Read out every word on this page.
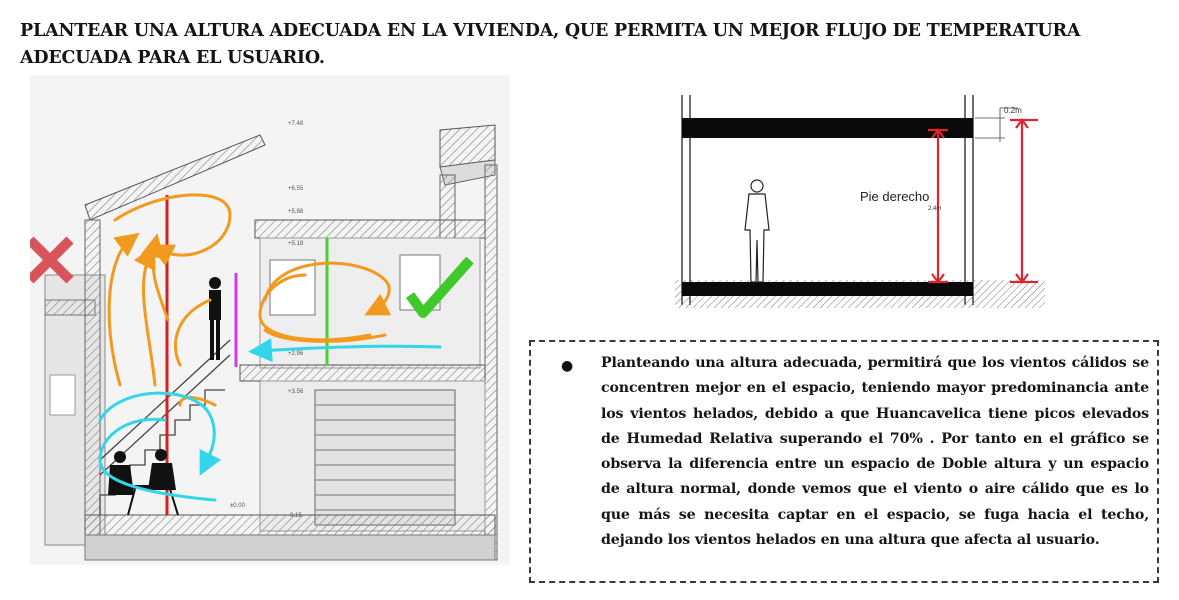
PLANTEAR UNA ALTURA ADECUADA EN LA VIVIENDA, QUE PERMITA UN MEJOR FLUJO DE TEMPERATURA ADECUADA PARA EL USUARIO.
+7.48
+6.55
+5.88
+5.18
+2.96
+3.56
±0.00
-0.15
0.2m
Pie derecho
2.4m
● Planteando una altura adecuada, permitirá que los vientos cálidos se concentren mejor en el espacio, teniendo mayor predominancia ante los vientos helados, debido a que Huancavelica tiene picos elevados de Humedad Relativa superando el 70% . Por tanto en el gráfico se observa la diferencia entre un espacio de Doble altura y un espacio de altura normal, donde vemos que el viento o aire cálido que es lo que más se necesita captar en el espacio, se fuga hacia el techo, dejando los vientos helados en una altura que afecta al usuario.
